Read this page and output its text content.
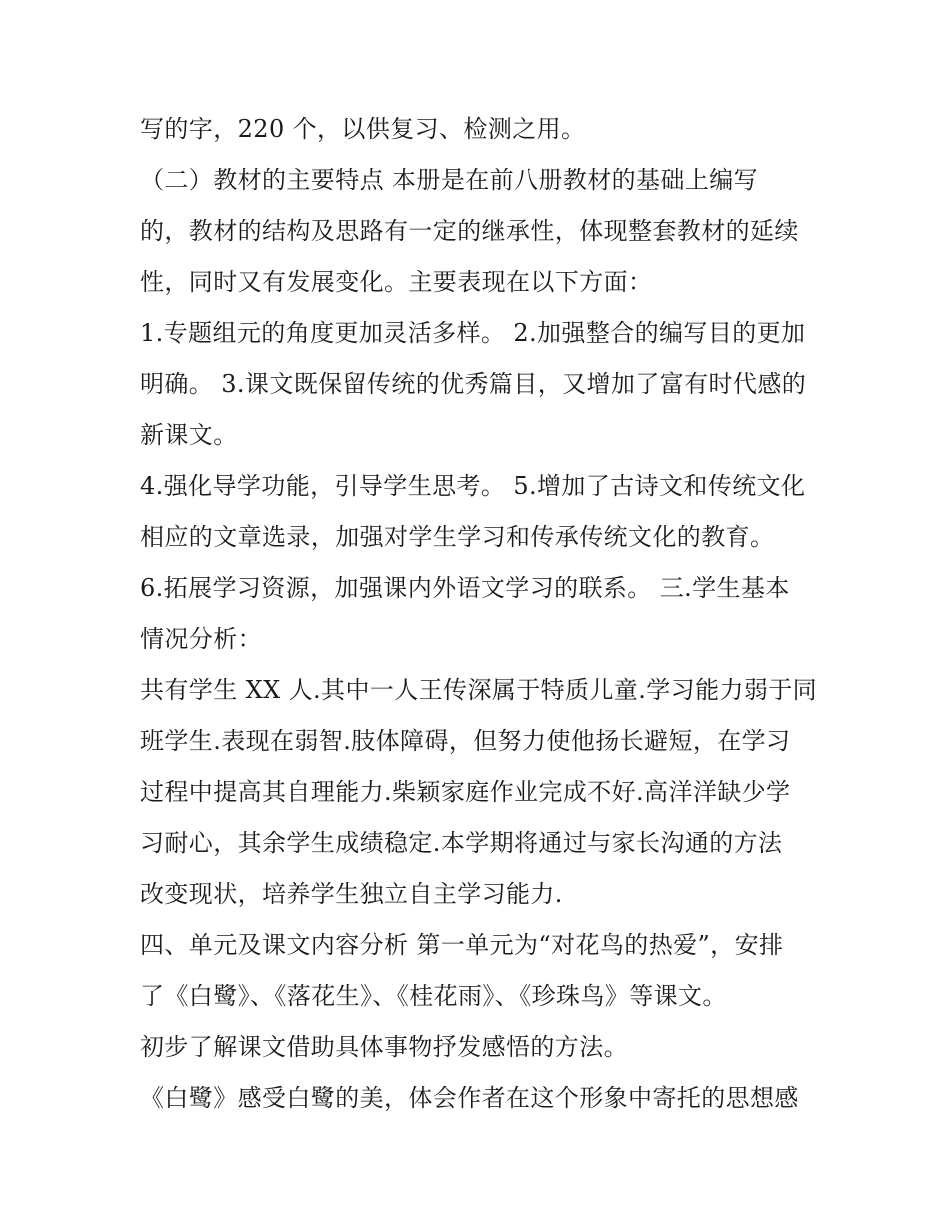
写的字，220 个，以供复习、检测之用。
（二）教材的主要特点 本册是在前八册教材的基础上编写
的，教材的结构及思路有一定的继承性，体现整套教材的延续
性，同时又有发展变化。主要表现在以下方面：
1.专题组元的角度更加灵活多样。 2.加强整合的编写目的更加
明确。 3.课文既保留传统的优秀篇目，又增加了富有时代感的
新课文。
4.强化导学功能，引导学生思考。 5.增加了古诗文和传统文化
相应的文章选录，加强对学生学习和传承传统文化的教育。
6.拓展学习资源，加强课内外语文学习的联系。 三.学生基本
情况分析：
共有学生 XX 人.其中一人王传深属于特质儿童.学习能力弱于同
班学生.表现在弱智.肢体障碍，但努力使他扬长避短，在学习
过程中提高其自理能力.柴颖家庭作业完成不好.高洋洋缺少学
习耐心，其余学生成绩稳定.本学期将通过与家长沟通的方法
改变现状，培养学生独立自主学习能力.
四、单元及课文内容分析 第一单元为“对花鸟的热爱”，安排
了《白鹭》、《落花生》、《桂花雨》、《珍珠鸟》等课文。
初步了解课文借助具体事物抒发感悟的方法。
《白鹭》感受白鹭的美，体会作者在这个形象中寄托的思想感
